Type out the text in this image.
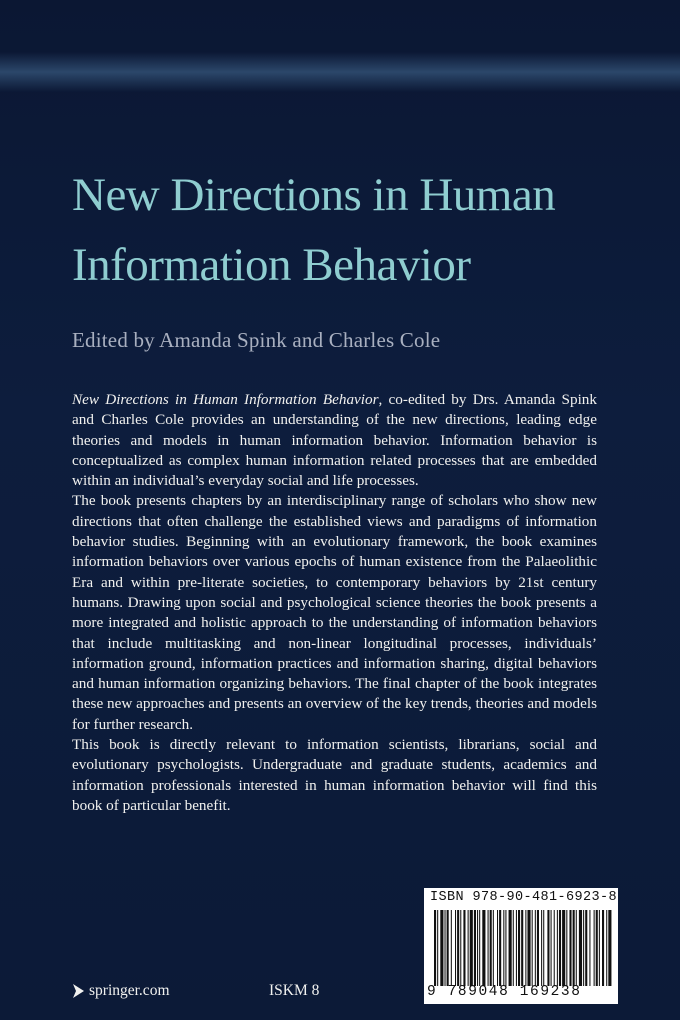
New Directions in Human
Information Behavior
Edited by Amanda Spink and Charles Cole

New Directions in Human Information Behavior, co-edited by Drs. Amanda Spink and Charles Cole provides an understanding of the new directions, leading edge theories and models in human information behavior. Information behavior is conceptualized as complex human information related processes that are embedded within an individual’s everyday social and life processes.

The book presents chapters by an interdisciplinary range of scholars who show new directions that often challenge the established views and paradigms of information behavior studies. Beginning with an evolutionary framework, the book examines information behaviors over various epochs of human existence from the Palaeolithic Era and within pre-literate societies, to contemporary behaviors by 21st century humans. Drawing upon social and psychological science theories the book presents a more integrated and holistic approach to the understanding of information behaviors that include multitasking and non-linear longitudinal processes, individuals’ information ground, information practices and information sharing, digital behaviors and human information organizing behaviors. The final chapter of the book integrates these new approaches and presents an overview of the key trends, theories and models for further research.

This book is directly relevant to information scientists, librarians, social and evolutionary psychologists. Undergraduate and graduate students, academics and information professionals interested in human information behavior will find this book of particular benefit.

ISBN 978-90-481-6923-8
9 789048 169238
springer.com	ISKM 8
